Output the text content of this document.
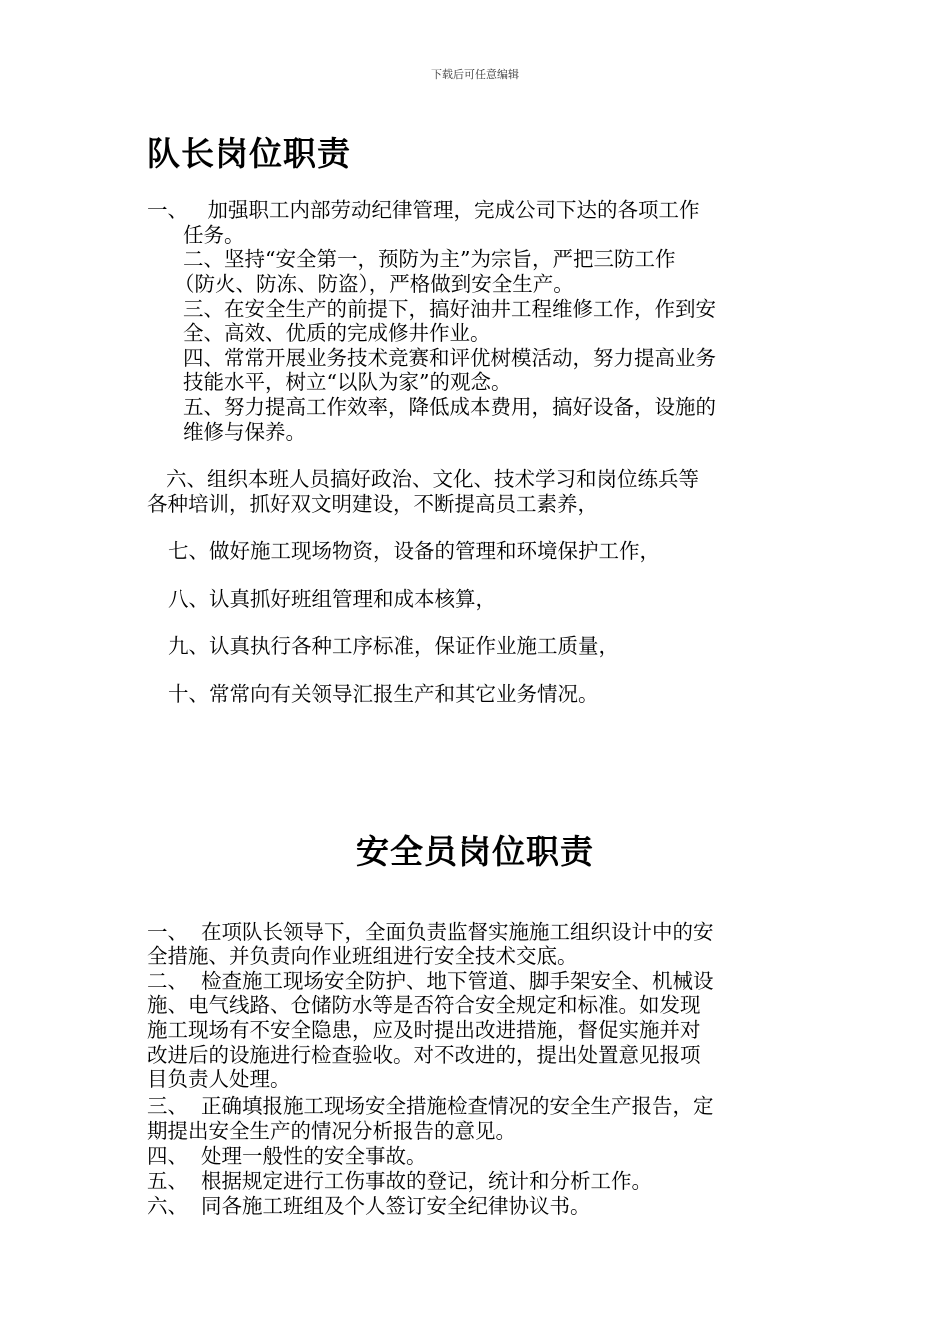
下载后可任意编辑
队长岗位职责
一、   加强职工内部劳动纪律管理，完成公司下达的各项工作
任务。
二、坚持“安全第一，预防为主”为宗旨，严把三防工作
（防火、防冻、防盗），严格做到安全生产。
三、在安全生产的前提下，搞好油井工程维修工作，作到安
全、高效、优质的完成修井作业。
四、常常开展业务技术竞赛和评优树模活动，努力提高业务
技能水平，树立“以队为家”的观念。
五、努力提高工作效率，降低成本费用，搞好设备，设施的
维修与保养。
六、组织本班人员搞好政治、文化、技术学习和岗位练兵等
各种培训，抓好双文明建设，不断提高员工素养，
七、做好施工现场物资，设备的管理和环境保护工作，
八、认真抓好班组管理和成本核算，
九、认真执行各种工序标准，保证作业施工质量，
十、常常向有关领导汇报生产和其它业务情况。
安全员岗位职责
一、  在项队长领导下，全面负责监督实施施工组织设计中的安
全措施、并负责向作业班组进行安全技术交底。
二、  检查施工现场安全防护、地下管道、脚手架安全、机械设
施、电气线路、仓储防水等是否符合安全规定和标准。如发现
施工现场有不安全隐患，应及时提出改进措施，督促实施并对
改进后的设施进行检查验收。对不改进的，提出处置意见报项
目负责人处理。
三、  正确填报施工现场安全措施检查情况的安全生产报告，定
期提出安全生产的情况分析报告的意见。
四、  处理一般性的安全事故。
五、  根据规定进行工伤事故的登记，统计和分析工作。
六、  同各施工班组及个人签订安全纪律协议书。
